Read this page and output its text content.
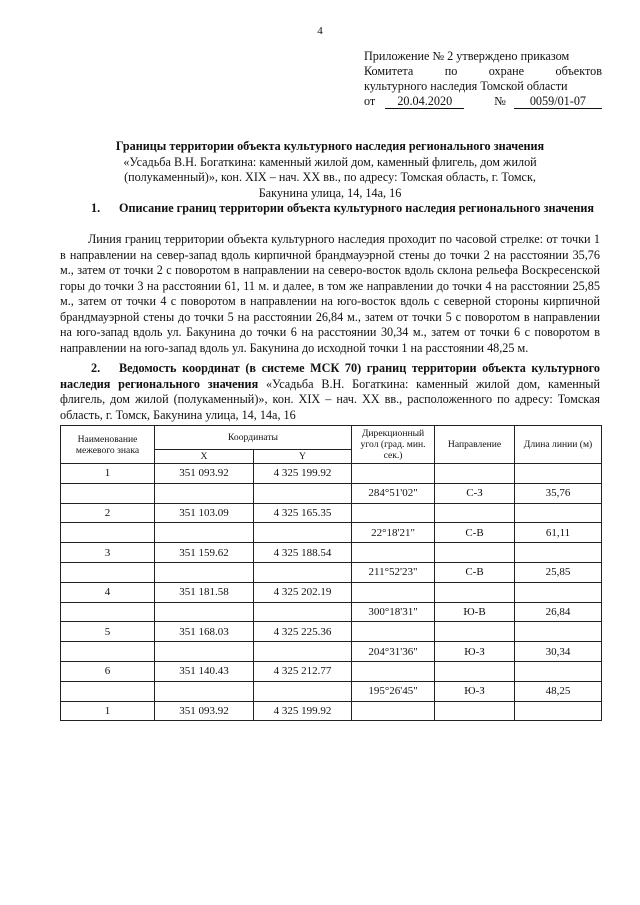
4
Приложение № 2 утверждено приказом
Комитета	по	охране	объектов
культурного наследия Томской области
от	20.04.2020	№	0059/01-07
Границы территории объекта культурного наследия регионального значения
«Усадьба В.Н. Богаткина: каменный жилой дом, каменный флигель, дом жилой
(полукаменный)», кон. XIX – нач. XX вв., по адресу: Томская область, г. Томск,
Бакунина улица, 14, 14а, 16
1. Описание границ территории объекта культурного наследия регионального значения
Линия границ территории объекта культурного наследия проходит по часовой стрелке: от точки 1 в направлении на север-запад вдоль кирпичной брандмауэрной стены до точки 2 на расстоянии 35,76 м., затем от точки 2 с поворотом в направлении на северо-восток вдоль склона рельефа Воскресенской горы до точки 3 на расстоянии 61, 11 м. и далее, в том же направлении до точки 4 на расстоянии 25,85 м., затем от точки 4 с поворотом в направлении на юго-восток вдоль с северной стороны кирпичной брандмауэрной стены до точки 5 на расстоянии 26,84 м., затем от точки 5 с поворотом в направлении на юго-запад вдоль ул. Бакунина до точки 6 на расстоянии 30,34 м., затем от точки 6 с поворотом в направлении на юго-запад вдоль ул. Бакунина до исходной точки 1 на расстоянии 48,25 м.
2. Ведомость координат (в системе МСК 70) границ территории объекта культурного наследия регионального значения «Усадьба В.Н. Богаткина: каменный жилой дом, каменный флигель, дом жилой (полукаменный)», кон. XIX – нач. XX вв., расположенного по адресу: Томская область, г. Томск, Бакунина улица, 14, 14а, 16
Наименование межевого знака	Координаты		Дирекционный угол (град. мин. сек.)	Направление	Длина линии (м)
	X	Y			
1	351 093.92	4 325 199.92			
			284°51'02"	С-З	35,76
2	351 103.09	4 325 165.35			
			22°18'21"	С-В	61,11
3	351 159.62	4 325 188.54			
			211°52'23"	С-В	25,85
4	351 181.58	4 325 202.19			
			300°18'31"	Ю-В	26,84
5	351 168.03	4 325 225.36			
			204°31'36"	Ю-З	30,34
6	351 140.43	4 325 212.77			
			195°26'45"	Ю-З	48,25
1	351 093.92	4 325 199.92			
